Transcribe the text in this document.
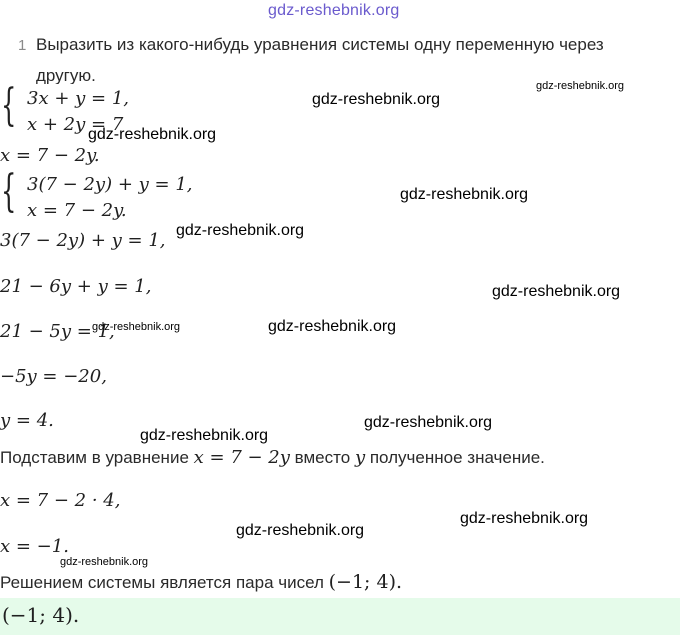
gdz-reshebnik.org
1 Выразить из какого-нибудь уравнения системы одну переменную через
другую.
{ 3x + y = 1,
x + 2y = 7
x = 7 − 2y.
{ 3(7 − 2y) + y = 1,
x = 7 − 2y.
3(7 − 2y) + y = 1,
21 − 6y + y = 1,
21 − 5y = 1,
−5y = −20,
y = 4.
Подставим в уравнение x = 7 − 2y вместо y полученное значение.
x = 7 − 2 · 4,
x = −1.
Решением системы является пара чисел (−1; 4).
(−1; 4).
gdz-reshebnik.org
gdz-reshebnik.org
gdz-reshebnik.org
gdz-reshebnik.org
gdz-reshebnik.org
gdz-reshebnik.org
gdz-reshebnik.org	gdz-reshebnik.org
gdz-reshebnik.org
gdz-reshebnik.org
gdz-reshebnik.org
gdz-reshebnik.org
gdz-reshebnik.org
